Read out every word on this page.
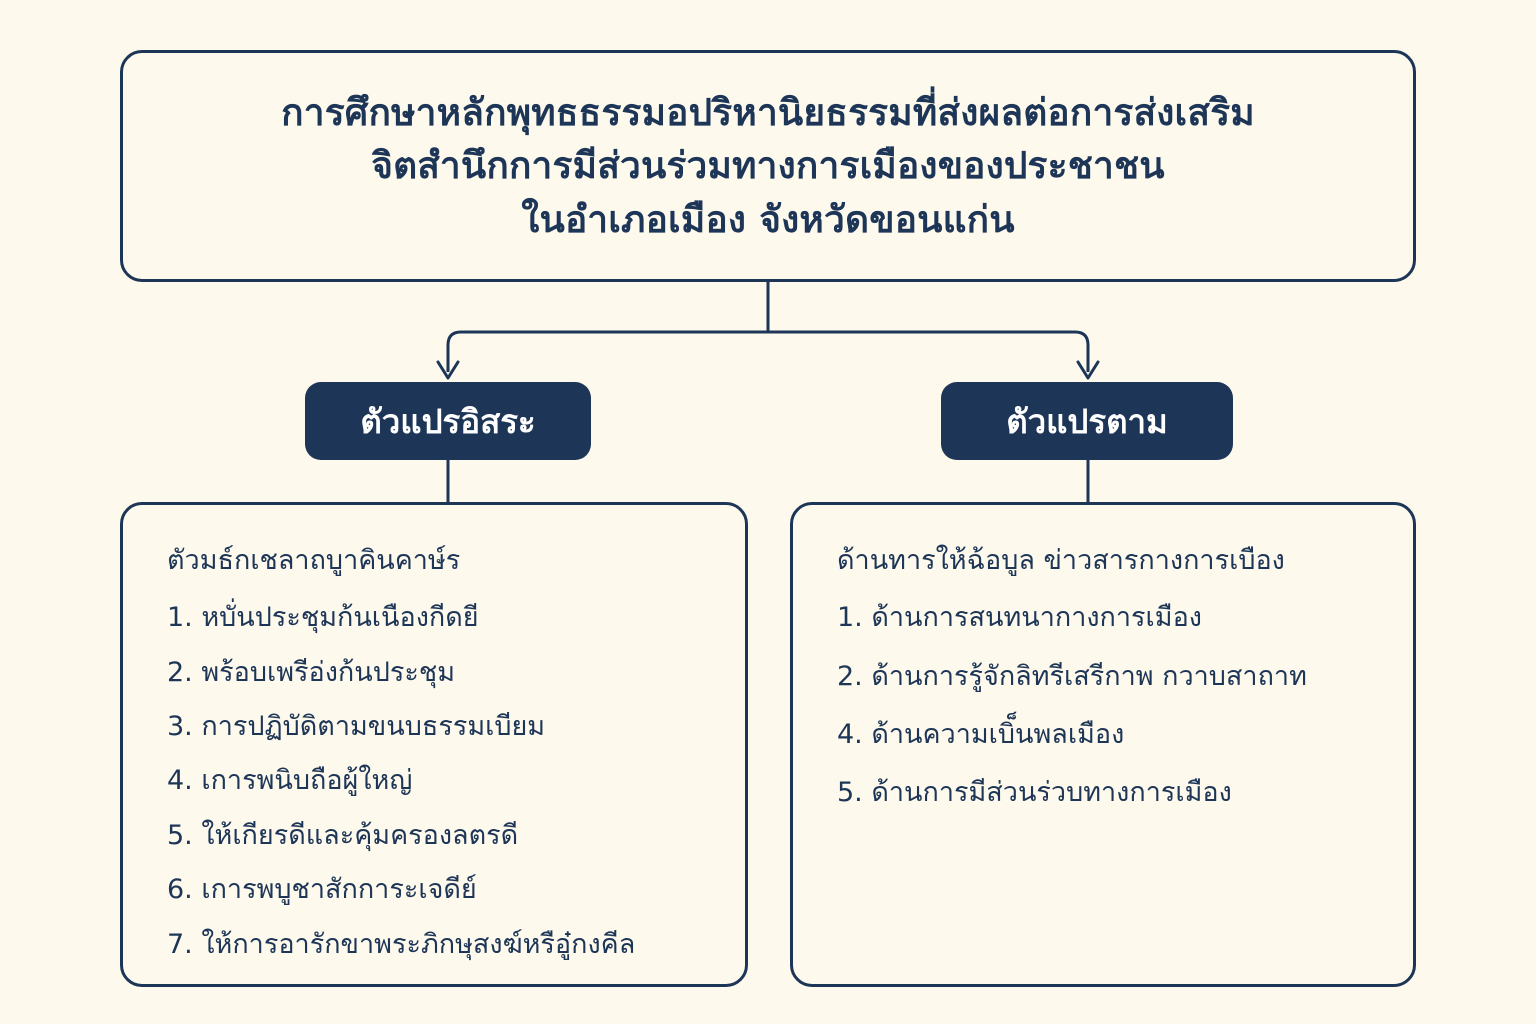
การศึกษาหลักพุทธธรรมอปริหานิยธรรมที่ส่งผลต่อการส่งเสริม
จิตสำนึกการมีส่วนร่วมทางการเมืองของประชาชน
ในอำเภอเมือง จังหวัดขอนแก่น
ตัวแปรอิสระ	ตัวแปรตาม
ตัวมธ์กเชลาถบูาคินคาษ์ร
1. หบั่นประชุมก้นเนืองกีดยี
2. พร้อบเพรีอ่งก้นประชุม
3. การปฏิบัดิตามขนบธรรมเบียม
4. เการพนิบถือผู้ใหญ่
5. ให้เกียรดีและคุ้มครองลตรดี
6. เการพบูชาสักการะเจดีย์
7. ให้การอารักขาพระภิกษุสงฆ์หรือู๋กงคีล
ด้านทารให้ฉ้อบูล ข่าวสารกางการเบือง
1. ด้านการสนทนากางการเมือง
2. ด้านการรู้จักลิทรีเสรีกาพ กวาบสาถาท
4. ด้านความเบิ็นพลเมือง
5. ด้านการมีส่วนร่วบทางการเมือง
